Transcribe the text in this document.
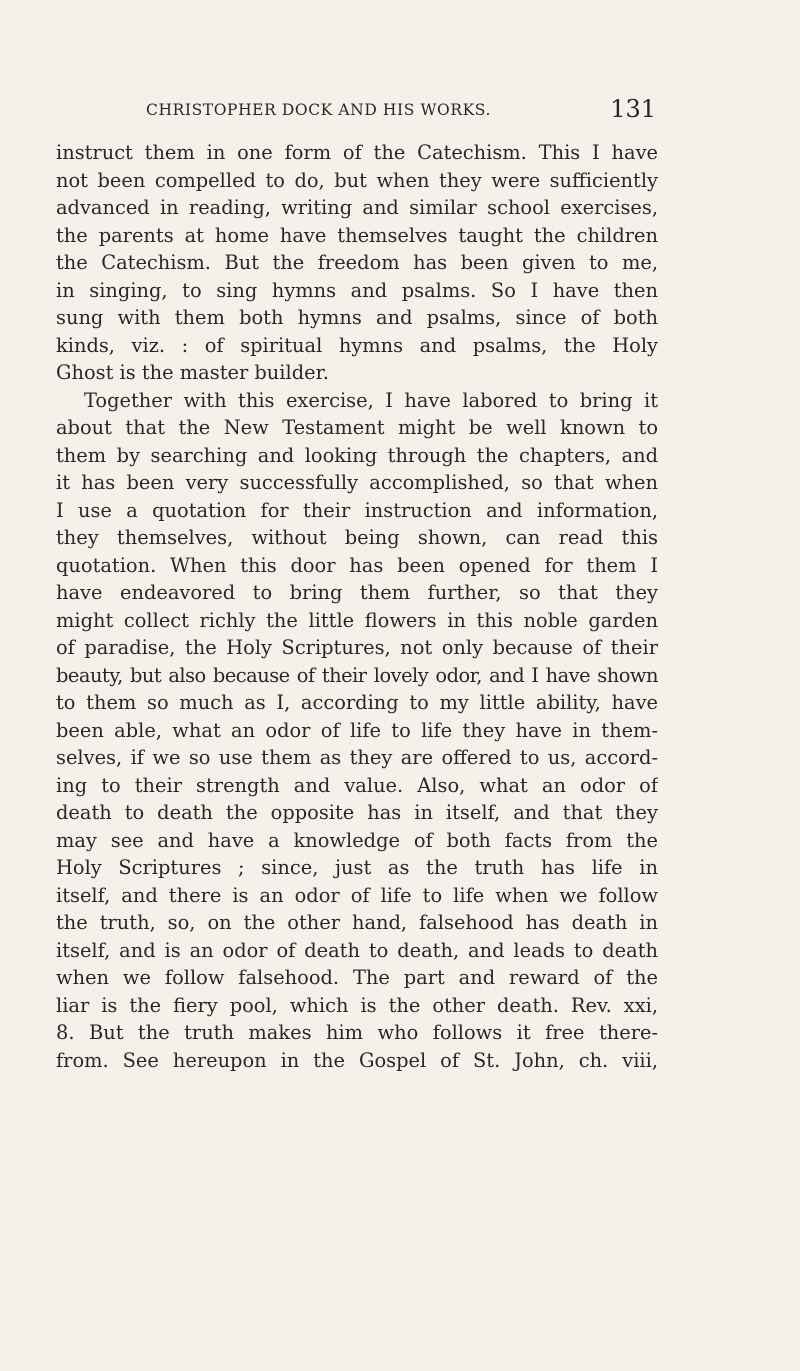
CHRISTOPHER DOCK AND HIS WORKS.	131
instruct them in one form of the Catechism. This I have
not been compelled to do, but when they were sufficiently
advanced in reading, writing and similar school exercises,
the parents at home have themselves taught the children
the Catechism. But the freedom has been given to me,
in singing, to sing hymns and psalms. So I have then
sung with them both hymns and psalms, since of both
kinds, viz. : of spiritual hymns and psalms, the Holy
Ghost is the master builder.
Together with this exercise, I have labored to bring it
about that the New Testament might be well known to
them by searching and looking through the chapters, and
it has been very successfully accomplished, so that when
I use a quotation for their instruction and information,
they themselves, without being shown, can read this
quotation. When this door has been opened for them I
have endeavored to bring them further, so that they
might collect richly the little flowers in this noble garden
of paradise, the Holy Scriptures, not only because of their
beauty, but also because of their lovely odor, and I have shown
to them so much as I, according to my little ability, have
been able, what an odor of life to life they have in them-
selves, if we so use them as they are offered to us, accord-
ing to their strength and value. Also, what an odor of
death to death the opposite has in itself, and that they
may see and have a knowledge of both facts from the
Holy Scriptures ; since, just as the truth has life in
itself, and there is an odor of life to life when we follow
the truth, so, on the other hand, falsehood has death in
itself, and is an odor of death to death, and leads to death
when we follow falsehood. The part and reward of the
liar is the fiery pool, which is the other death. Rev. xxi,
8. But the truth makes him who follows it free there-
from. See hereupon in the Gospel of St. John, ch. viii,
